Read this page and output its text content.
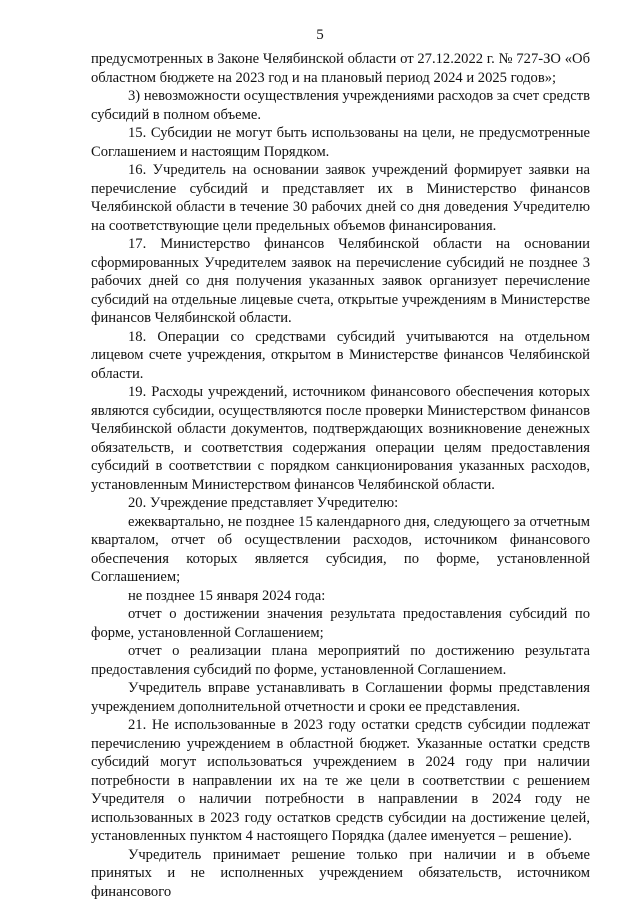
5

предусмотренных в Законе Челябинской области от 27.12.2022 г. № 727-ЗО «Об областном бюджете на 2023 год и на плановый период 2024 и 2025 годов»;

3) невозможности осуществления учреждениями расходов за счет средств субсидий в полном объеме.

15. Субсидии не могут быть использованы на цели, не предусмотренные Соглашением и настоящим Порядком.

16. Учредитель на основании заявок учреждений формирует заявки на перечисление субсидий и представляет их в Министерство финансов Челябинской области в течение 30 рабочих дней со дня доведения Учредителю на соответствующие цели предельных объемов финансирования.

17. Министерство финансов Челябинской области на основании сформированных Учредителем заявок на перечисление субсидий не позднее 3 рабочих дней со дня получения указанных заявок организует перечисление субсидий на отдельные лицевые счета, открытые учреждениям в Министерстве финансов Челябинской области.

18. Операции со средствами субсидий учитываются на отдельном лицевом счете учреждения, открытом в Министерстве финансов Челябинской области.

19. Расходы учреждений, источником финансового обеспечения которых являются субсидии, осуществляются после проверки Министерством финансов Челябинской области документов, подтверждающих возникновение денежных обязательств, и соответствия содержания операции целям предоставления субсидий в соответствии с порядком санкционирования указанных расходов, установленным Министерством финансов Челябинской области.

20. Учреждение представляет Учредителю:

ежеквартально, не позднее 15 календарного дня, следующего за отчетным кварталом, отчет об осуществлении расходов, источником финансового обеспечения которых является субсидия, по форме, установленной Соглашением;

не позднее 15 января 2024 года:

отчет о достижении значения результата предоставления субсидий по форме, установленной Соглашением;

отчет о реализации плана мероприятий по достижению результата предоставления субсидий по форме, установленной Соглашением.

Учредитель вправе устанавливать в Соглашении формы представления учреждением дополнительной отчетности и сроки ее представления.

21. Не использованные в 2023 году остатки средств субсидии подлежат перечислению учреждением в областной бюджет. Указанные остатки средств субсидий могут использоваться учреждением в 2024 году при наличии потребности в направлении их на те же цели в соответствии с решением Учредителя о наличии потребности в направлении в 2024 году не использованных в 2023 году остатков средств субсидии на достижение целей, установленных пунктом 4 настоящего Порядка (далее именуется – решение).

Учредитель принимает решение только при наличии и в объеме принятых и не исполненных учреждением обязательств, источником финансового
